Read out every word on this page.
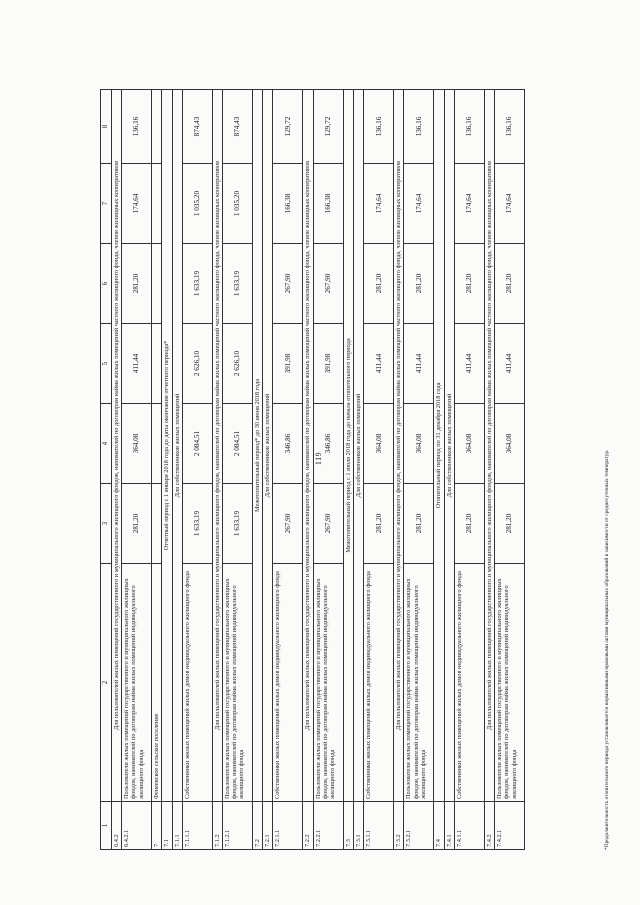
119
1	2	3	4	5	6	7	8
6.4.2	Для пользователей жилых помещений государственного и муниципального жилищного фондов, нанимателей по договорам найма жилых помещений частного жилищного фонда, членов жилищных кооперативов						
6.4.2.1	Пользователи жилых помещений государственного и муниципального жилищных фондов, нанимателей по договорам найма жилых помещений индивидуального жилищного фонда	281,20	364,08	411,44	281,20	174,64	136,16
7	Фенеевское сельское поселение						
7.1	Отчетный период с 1 января 2018 года до даты окончания отчетного периода*						
7.1.1	Для собственников жилых помещений						
7.1.1.1	Собственники жилых помещений жилых домов индивидуального жилищного фонда	1 633,19	2 084,51	2 626,10	1 633,19	1 035,20	874,43
7.1.2	Для пользователей жилых помещений государственного и муниципального жилищного фондов, нанимателей по договорам найма жилых помещений частного жилищного фонда, членов жилищных кооперативов						
7.1.2.1	Пользователи жилых помещений государственного и муниципального жилищных фондов, нанимателей по договорам найма жилых помещений индивидуального жилищного фонда	1 633,19	2 084,51	2 626,10	1 633,19	1 035,20	874,43
7.2	Межотопительный период* до 30 июня 2018 года						
7.2.1	Для собственников жилых помещений						
7.2.1.1	Собственники жилых помещений жилых домов индивидуального жилищного фонда	267,90	346,86	391,98	267,90	166,38	129,72
7.2.2	Для пользователей жилых помещений государственного и муниципального жилищного фондов, нанимателей по договорам найма жилых помещений частного жилищного фонда, членов жилищных кооперативов						
7.2.2.1	Пользователи жилых помещений государственного и муниципального жилищных фондов, нанимателей по договорам найма жилых помещений индивидуального жилищного фонда	267,90	346,86	391,98	267,90	166,38	129,72
7.3	Межотопительный период с 1 июля 2018 года до начала отопительного периода						
7.3.1	Для собственников жилых помещений						
7.3.1.1	Собственники жилых помещений жилых домов индивидуального жилищного фонда	281,20	364,08	411,44	281,20	174,64	136,16
7.3.2	Для пользователей жилых помещений государственного и муниципального жилищного фондов, нанимателей по договорам найма жилых помещений частного жилищного фонда, членов жилищных кооперативов						
7.3.2.1	Пользователи жилых помещений государственного и муниципального жилищных фондов, нанимателей по договорам найма жилых помещений индивидуального жилищного фонда	281,20	364,08	411,44	281,20	174,64	136,16
7.4	Отопительный период по 31 декабря 2018 года						
7.4.1	Для собственников жилых помещений						
7.4.1.1	Собственники жилых помещений жилых домов индивидуального жилищного фонда	281,20	364,08	411,44	281,20	174,64	136,16
7.4.2	Для пользователей жилых помещений государственного и муниципального жилищного фондов, нанимателей по договорам найма жилых помещений частного жилищного фонда, членов жилищных кооперативов						
7.4.2.1	Пользователи жилых помещений государственного и муниципального жилищных фондов, нанимателей по договорам найма жилых помещений индивидуального жилищного фонда	281,20	364,08	411,44	281,20	174,64	136,16
*Продолжительность отопительного периода устанавливается нормативными правовыми актами муниципальных образований в зависимости от среднесуточных температур.
